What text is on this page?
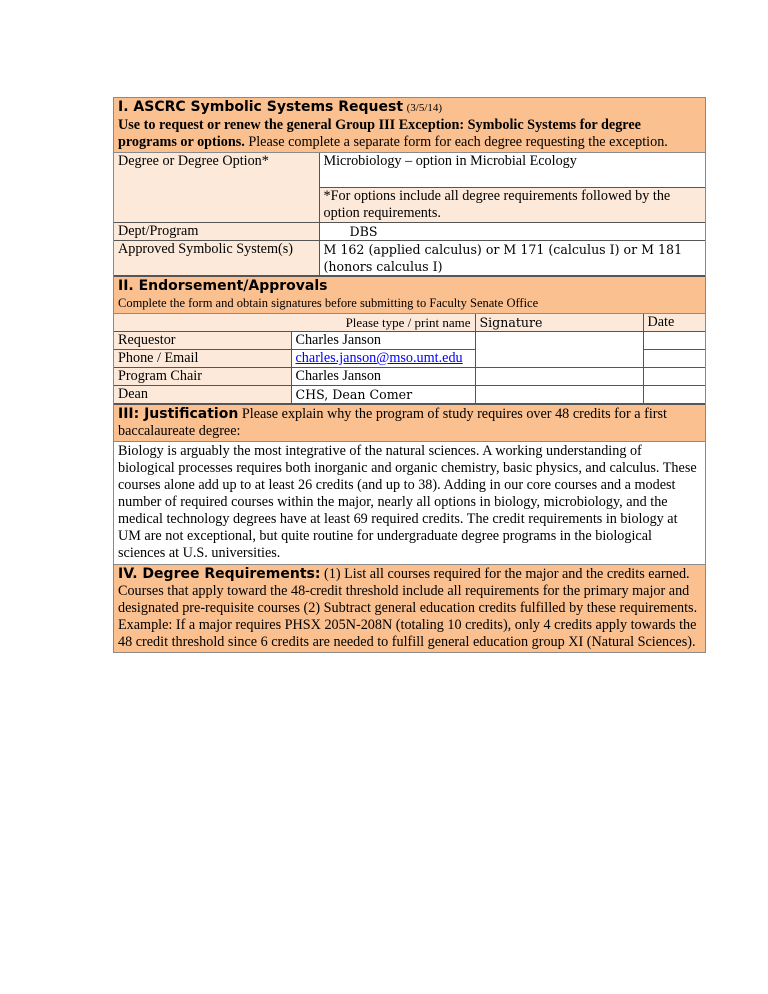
I. ASCRC Symbolic Systems Request (3/5/14)
Use to request or renew the general Group III Exception: Symbolic Systems for degree programs or options. Please complete a separate form for each degree requesting the exception.
Degree or Degree Option*	Microbiology – option in Microbial Ecology
	*For options include all degree requirements followed by the option requirements.
Dept/Program	DBS
Approved Symbolic System(s)	M 162 (applied calculus) or M 171 (calculus I) or M 181 (honors calculus I)
II. Endorsement/Approvals
Complete the form and obtain signatures before submitting to Faculty Senate Office
Please type / print name		Signature	Date
Requestor	Charles Janson		
Phone / Email	charles.janson@mso.umt.edu		
Program Chair	Charles Janson		
Dean	CHS, Dean Comer		
III: Justification Please explain why the program of study requires over 48 credits for a first baccalaureate degree:
Biology is arguably the most integrative of the natural sciences. A working understanding of biological processes requires both inorganic and organic chemistry, basic physics, and calculus. These courses alone add up to at least 26 credits (and up to 38). Adding in our core courses and a modest number of required courses within the major, nearly all options in biology, microbiology, and the medical technology degrees have at least 69 required credits. The credit requirements in biology at UM are not exceptional, but quite routine for undergraduate degree programs in the biological sciences at U.S. universities.
IV. Degree Requirements: (1) List all courses required for the major and the credits earned. Courses that apply toward the 48-credit threshold include all requirements for the primary major and designated pre-requisite courses (2) Subtract general education credits fulfilled by these requirements. Example: If a major requires PHSX 205N-208N (totaling 10 credits), only 4 credits apply towards the 48 credit threshold since 6 credits are needed to fulfill general education group XI (Natural Sciences).
